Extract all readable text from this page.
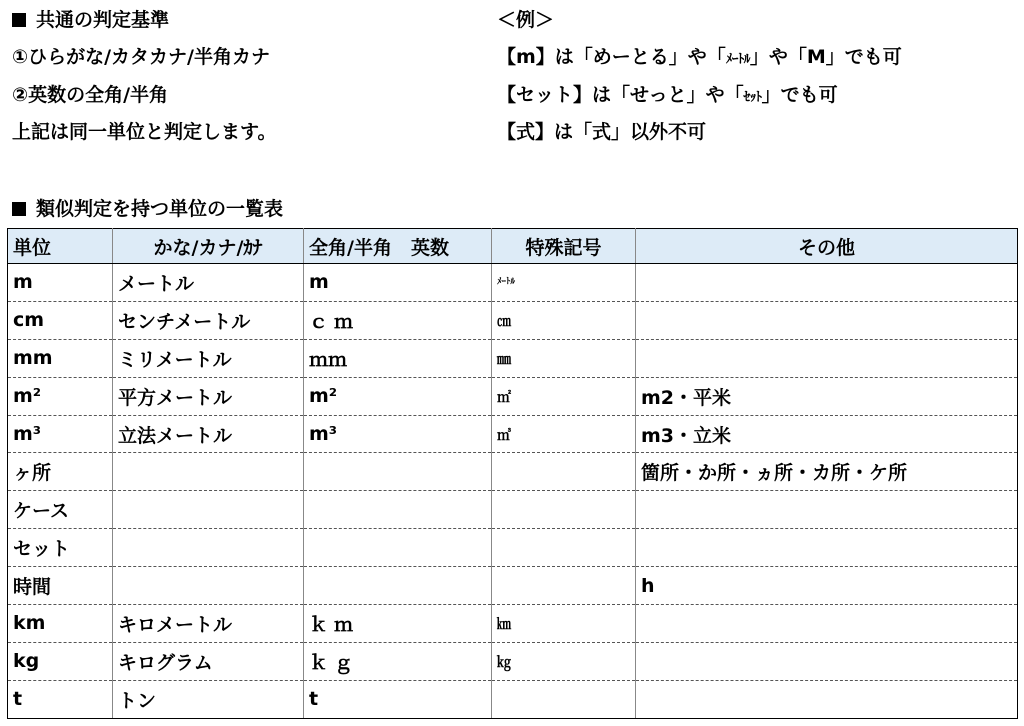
共通の判定基準
①ひらがな/カタカナ/半角カナ
②英数の全角/半角
上記は同一単位と判定します。
＜例＞
【m】は「めーとる」や「ﾒｰﾄﾙ」や「M」でも可
【セット】は「せっと」や「ｾｯﾄ」でも可
【式】は「式」以外不可
類似判定を持つ単位の一覧表
単位	かな/カナ/ｶﾅ	全角/半角　英数	特殊記号	その他
m	メートル	m	ﾒｰﾄﾙ	
cm	センチメートル	ｃｍ	㎝	
mm	ミリメートル	ｍｍ	㎜	
m²	平方メートル	m²	㎡	m2・平米
m³	立法メートル	m³	㎥	m3・立米
ヶ所				箇所・か所・ヵ所・カ所・ケ所
ケース				
セット				
時間				h
km	キロメートル	ｋｍ	㎞	
kg	キログラム	ｋｇ	㎏	
t	トン	t		
